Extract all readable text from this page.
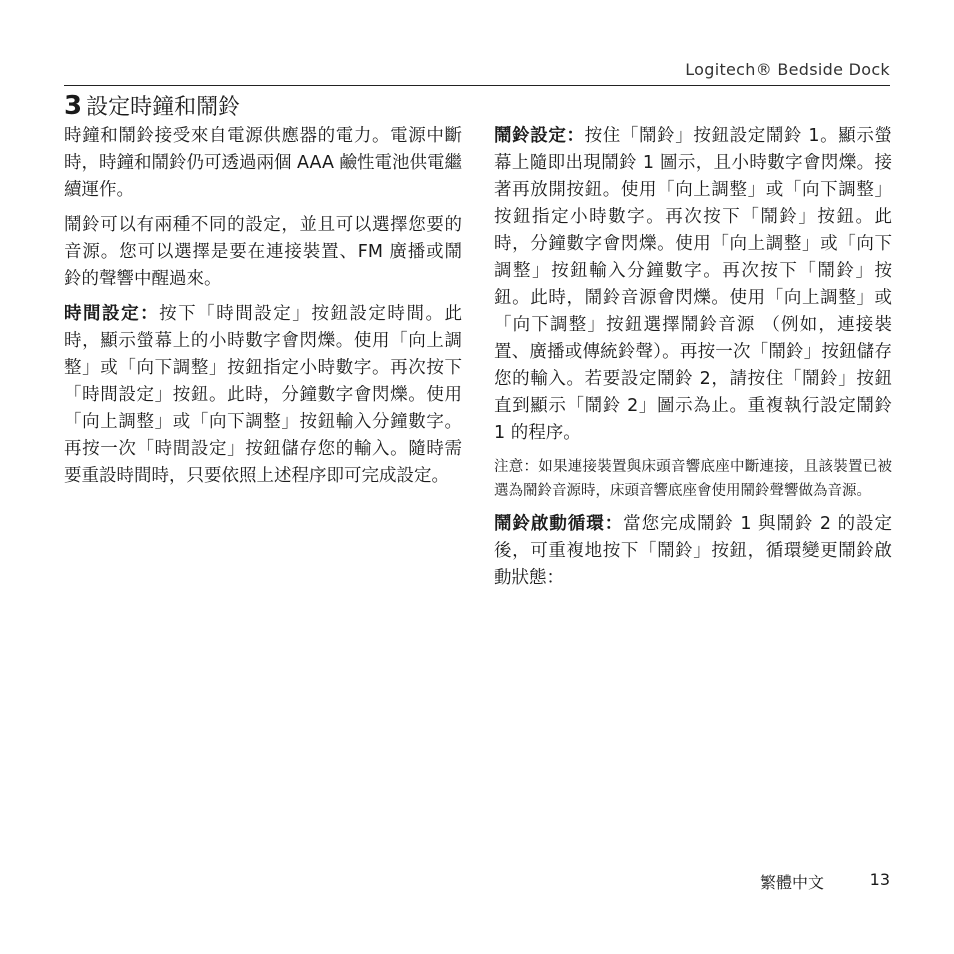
Logitech® Bedside Dock
3 設定時鐘和鬧鈴

時鐘和鬧鈴接受來自電源供應器的電力。電源中斷時，時鐘和鬧鈴仍可透過兩個 AAA 鹼性電池供電繼續運作。

鬧鈴可以有兩種不同的設定，並且可以選擇您要的音源。您可以選擇是要在連接裝置、FM 廣播或鬧鈴的聲響中醒過來。

時間設定：按下「時間設定」按鈕設定時間。此時，顯示螢幕上的小時數字會閃爍。使用「向上調整」或「向下調整」按鈕指定小時數字。再次按下「時間設定」按鈕。此時，分鐘數字會閃爍。使用「向上調整」或「向下調整」按鈕輸入分鐘數字。再按一次「時間設定」按鈕儲存您的輸入。隨時需要重設時間時，只要依照上述程序即可完成設定。

鬧鈴設定：按住「鬧鈴」按鈕設定鬧鈴 1。顯示螢幕上隨即出現鬧鈴 1 圖示，且小時數字會閃爍。接著再放開按鈕。使用「向上調整」或「向下調整」按鈕指定小時數字。再次按下「鬧鈴」按鈕。此時，分鐘數字會閃爍。使用「向上調整」或「向下調整」按鈕輸入分鐘數字。再次按下「鬧鈴」按鈕。此時，鬧鈴音源會閃爍。使用「向上調整」或「向下調整」按鈕選擇鬧鈴音源 （例如，連接裝置、廣播或傳統鈴聲）。再按一次「鬧鈴」按鈕儲存您的輸入。若要設定鬧鈴 2，請按住「鬧鈴」按鈕直到顯示「鬧鈴 2」圖示為止。重複執行設定鬧鈴 1 的程序。

注意：如果連接裝置與床頭音響底座中斷連接，且該裝置已被選為鬧鈴音源時，床頭音響底座會使用鬧鈴聲響做為音源。

鬧鈴啟動循環：當您完成鬧鈴 1 與鬧鈴 2 的設定後，可重複地按下「鬧鈴」按鈕，循環變更鬧鈴啟動狀態：

繁體中文	13
